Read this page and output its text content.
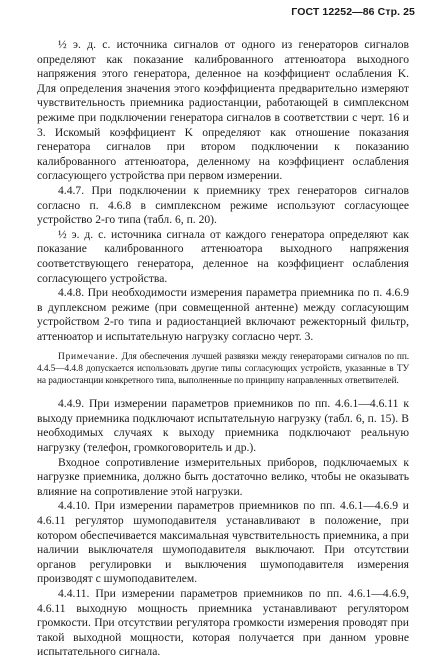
ГОСТ 12252—86 Стр. 25

½ э. д. с. источника сигналов от одного из генераторов сигналов определяют как показание калиброванного аттенюатора выходного напряжения этого генератора, деленное на коэффициент ослабления K. Для определения значения этого коэффициента предварительно измеряют чувствительность приемника радиостанции, работающей в симплексном режиме при подключении генератора сигналов в соответствии с черт. 16 и 3. Искомый коэффициент K определяют как отношение показания генератора сигналов при втором подключении к показанию калиброванного аттенюатора, деленному на коэффициент ослабления согласующего устройства при первом измерении.

4.4.7. При подключении к приемнику трех генераторов сигналов согласно п. 4.6.8 в симплексном режиме используют согласующее устройство 2-го типа (табл. 6, п. 20).

½ э. д. с. источника сигнала от каждого генератора определяют как показание калиброванного аттенюатора выходного напряжения соответствующего генератора, деленное на коэффициент ослабления согласующего устройства.

4.4.8. При необходимости измерения параметра приемника по п. 4.6.9 в дуплексном режиме (при совмещенной антенне) между согласующим устройством 2-го типа и радиостанцией включают режекторный фильтр, аттенюатор и испытательную нагрузку согласно черт. 3.

Примечание. Для обеспечения лучшей развязки между генераторами сигналов по пп. 4.4.5—4.4.8 допускается использовать другие типы согласующих устройств, указанные в ТУ на радиостанции конкретного типа, выполненные по принципу направленных ответвителей.

4.4.9. При измерении параметров приемников по пп. 4.6.1—4.6.11 к выходу приемника подключают испытательную нагрузку (табл. 6, п. 15). В необходимых случаях к выходу приемника подключают реальную нагрузку (телефон, громкоговоритель и др.).

Входное сопротивление измерительных приборов, подключаемых к нагрузке приемника, должно быть достаточно велико, чтобы не оказывать влияние на сопротивление этой нагрузки.

4.4.10. При измерении параметров приемников по пп. 4.6.1—4.6.9 и 4.6.11 регулятор шумоподавителя устанавливают в положение, при котором обеспечивается максимальная чувствительность приемника, а при наличии выключателя шумоподавителя выключают. При отсутствии органов регулировки и выключения шумоподавителя измерения производят с шумоподавителем.

4.4.11. При измерении параметров приемников по пп. 4.6.1—4.6.9, 4.6.11 выходную мощность приемника устанавливают регулятором громкости. При отсутствии регулятора громкости измерения проводят при такой выходной мощности, которая получается при данном уровне испытательного сигнала.
